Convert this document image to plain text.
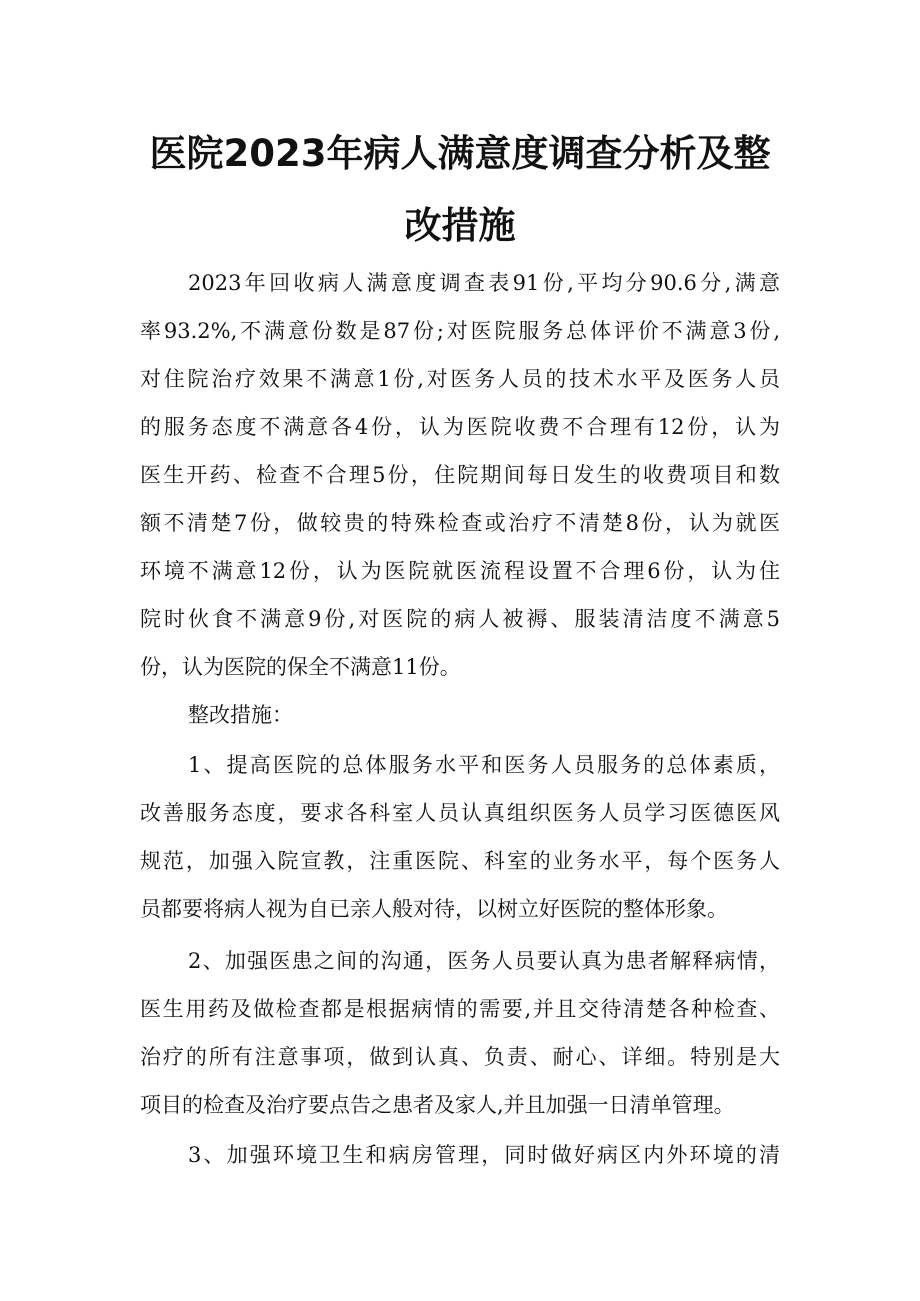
医院2023年病人满意度调查分析及整
改措施
2023年回收病人满意度调查表91份,平均分90.6分,满意
率93.2%,不满意份数是87份;对医院服务总体评价不满意3份,
对住院治疗效果不满意1份,对医务人员的技术水平及医务人员
的服务态度不满意各4份，认为医院收费不合理有12份，认为
医生开药、检查不合理5份，住院期间每日发生的收费项目和数
额不清楚7份，做较贵的特殊检查或治疗不清楚8份，认为就医
环境不满意12份，认为医院就医流程设置不合理6份，认为住
院时伙食不满意9份,对医院的病人被褥、服装清洁度不满意5
份，认为医院的保全不满意11份。
整改措施：
1、提高医院的总体服务水平和医务人员服务的总体素质，
改善服务态度，要求各科室人员认真组织医务人员学习医德医风
规范，加强入院宣教，注重医院、科室的业务水平，每个医务人
员都要将病人视为自已亲人般对待，以树立好医院的整体形象。
2、加强医患之间的沟通，医务人员要认真为患者解释病情，
医生用药及做检查都是根据病情的需要,并且交待清楚各种检查、
治疗的所有注意事项，做到认真、负责、耐心、详细。特别是大
项目的检查及治疗要点告之患者及家人,并且加强一日清单管理。
3、加强环境卫生和病房管理，同时做好病区内外环境的清
